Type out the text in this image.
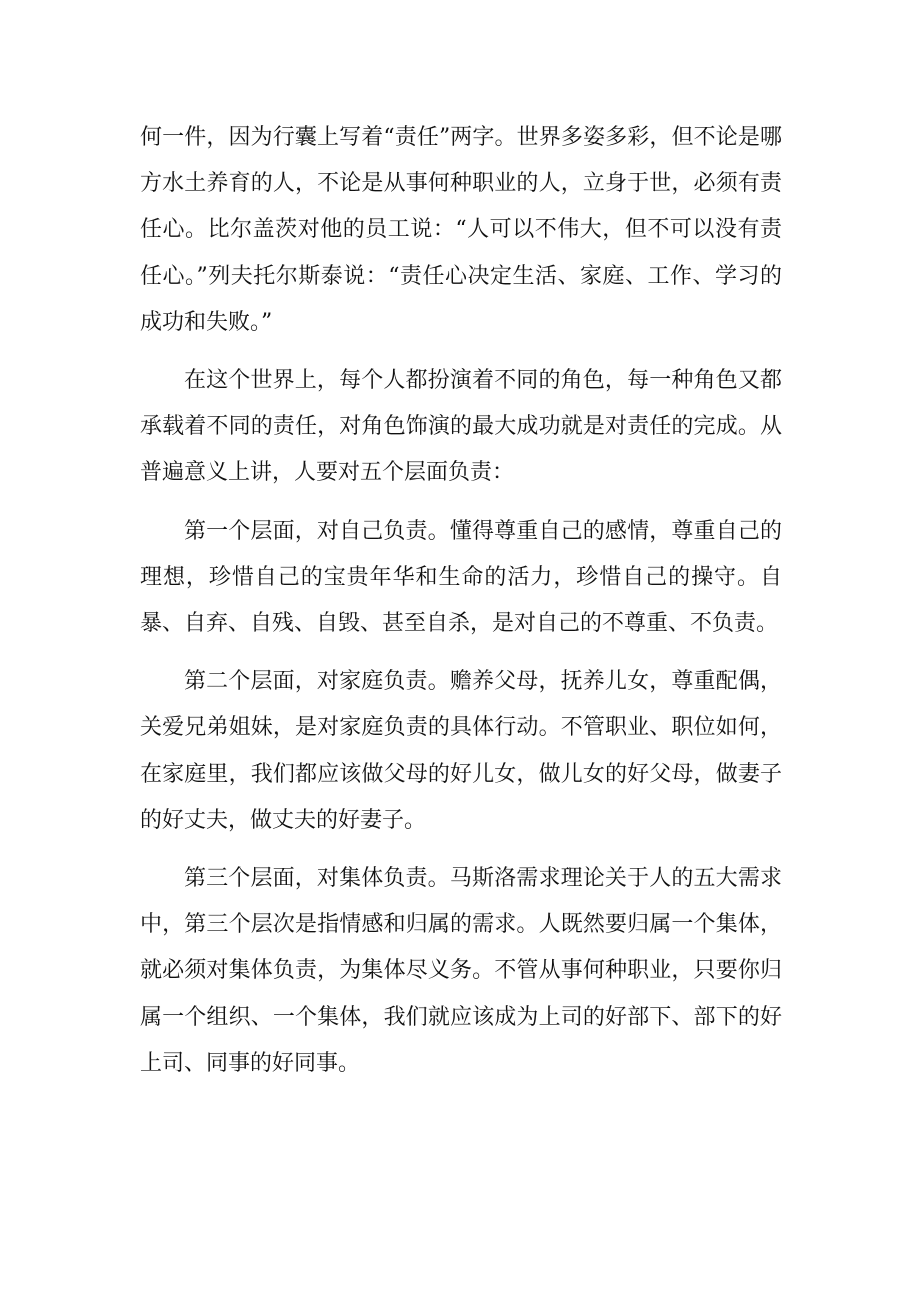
何一件，因为行囊上写着“责任”两字。世界多姿多彩，但不论是哪方水土养育的人，不论是从事何种职业的人，立身于世，必须有责任心。比尔盖茨对他的员工说：“人可以不伟大，但不可以没有责任心。”列夫托尔斯泰说：“责任心决定生活、家庭、工作、学习的成功和失败。”

在这个世界上，每个人都扮演着不同的角色，每一种角色又都承载着不同的责任，对角色饰演的最大成功就是对责任的完成。从普遍意义上讲，人要对五个层面负责：

第一个层面，对自己负责。懂得尊重自己的感情，尊重自己的理想，珍惜自己的宝贵年华和生命的活力，珍惜自己的操守。自暴、自弃、自残、自毁、甚至自杀，是对自己的不尊重、不负责。

第二个层面，对家庭负责。赡养父母，抚养儿女，尊重配偶，关爱兄弟姐妹，是对家庭负责的具体行动。不管职业、职位如何，在家庭里，我们都应该做父母的好儿女，做儿女的好父母，做妻子的好丈夫，做丈夫的好妻子。

第三个层面，对集体负责。马斯洛需求理论关于人的五大需求中，第三个层次是指情感和归属的需求。人既然要归属一个集体，就必须对集体负责，为集体尽义务。不管从事何种职业，只要你归属一个组织、一个集体，我们就应该成为上司的好部下、部下的好上司、同事的好同事。
